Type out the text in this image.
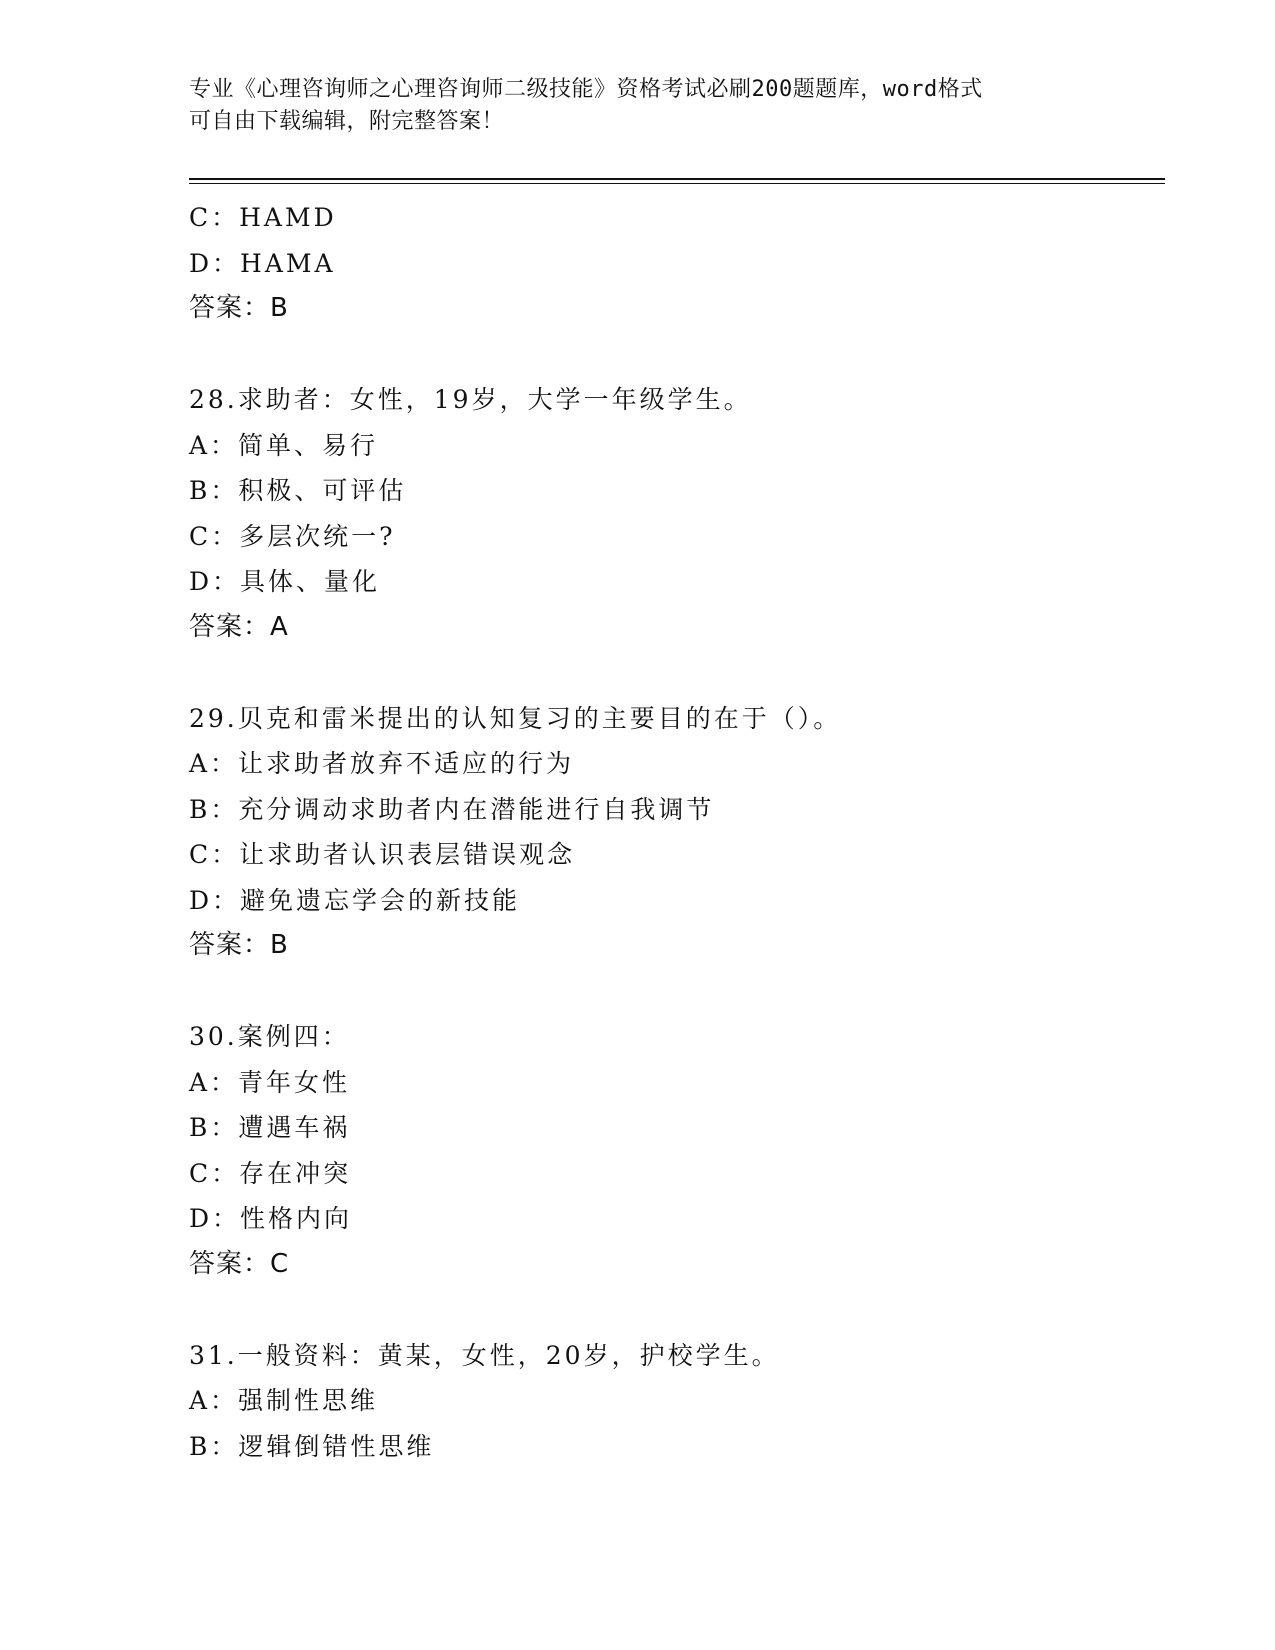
专业《心理咨询师之心理咨询师二级技能》资格考试必刷200题题库，word格式
可自由下载编辑，附完整答案！
C：HAMD
D：HAMA
答案：B
28.求助者：女性，19岁，大学一年级学生。
A：简单、易行
B：积极、可评估
C：多层次统一?
D：具体、量化
答案：A
29.贝克和雷米提出的认知复习的主要目的在于（）。
A：让求助者放弃不适应的行为
B：充分调动求助者内在潜能进行自我调节
C：让求助者认识表层错误观念
D：避免遗忘学会的新技能
答案：B
30.案例四：
A：青年女性
B：遭遇车祸
C：存在冲突
D：性格内向
答案：C
31.一般资料：黄某，女性，20岁，护校学生。
A：强制性思维
B：逻辑倒错性思维
